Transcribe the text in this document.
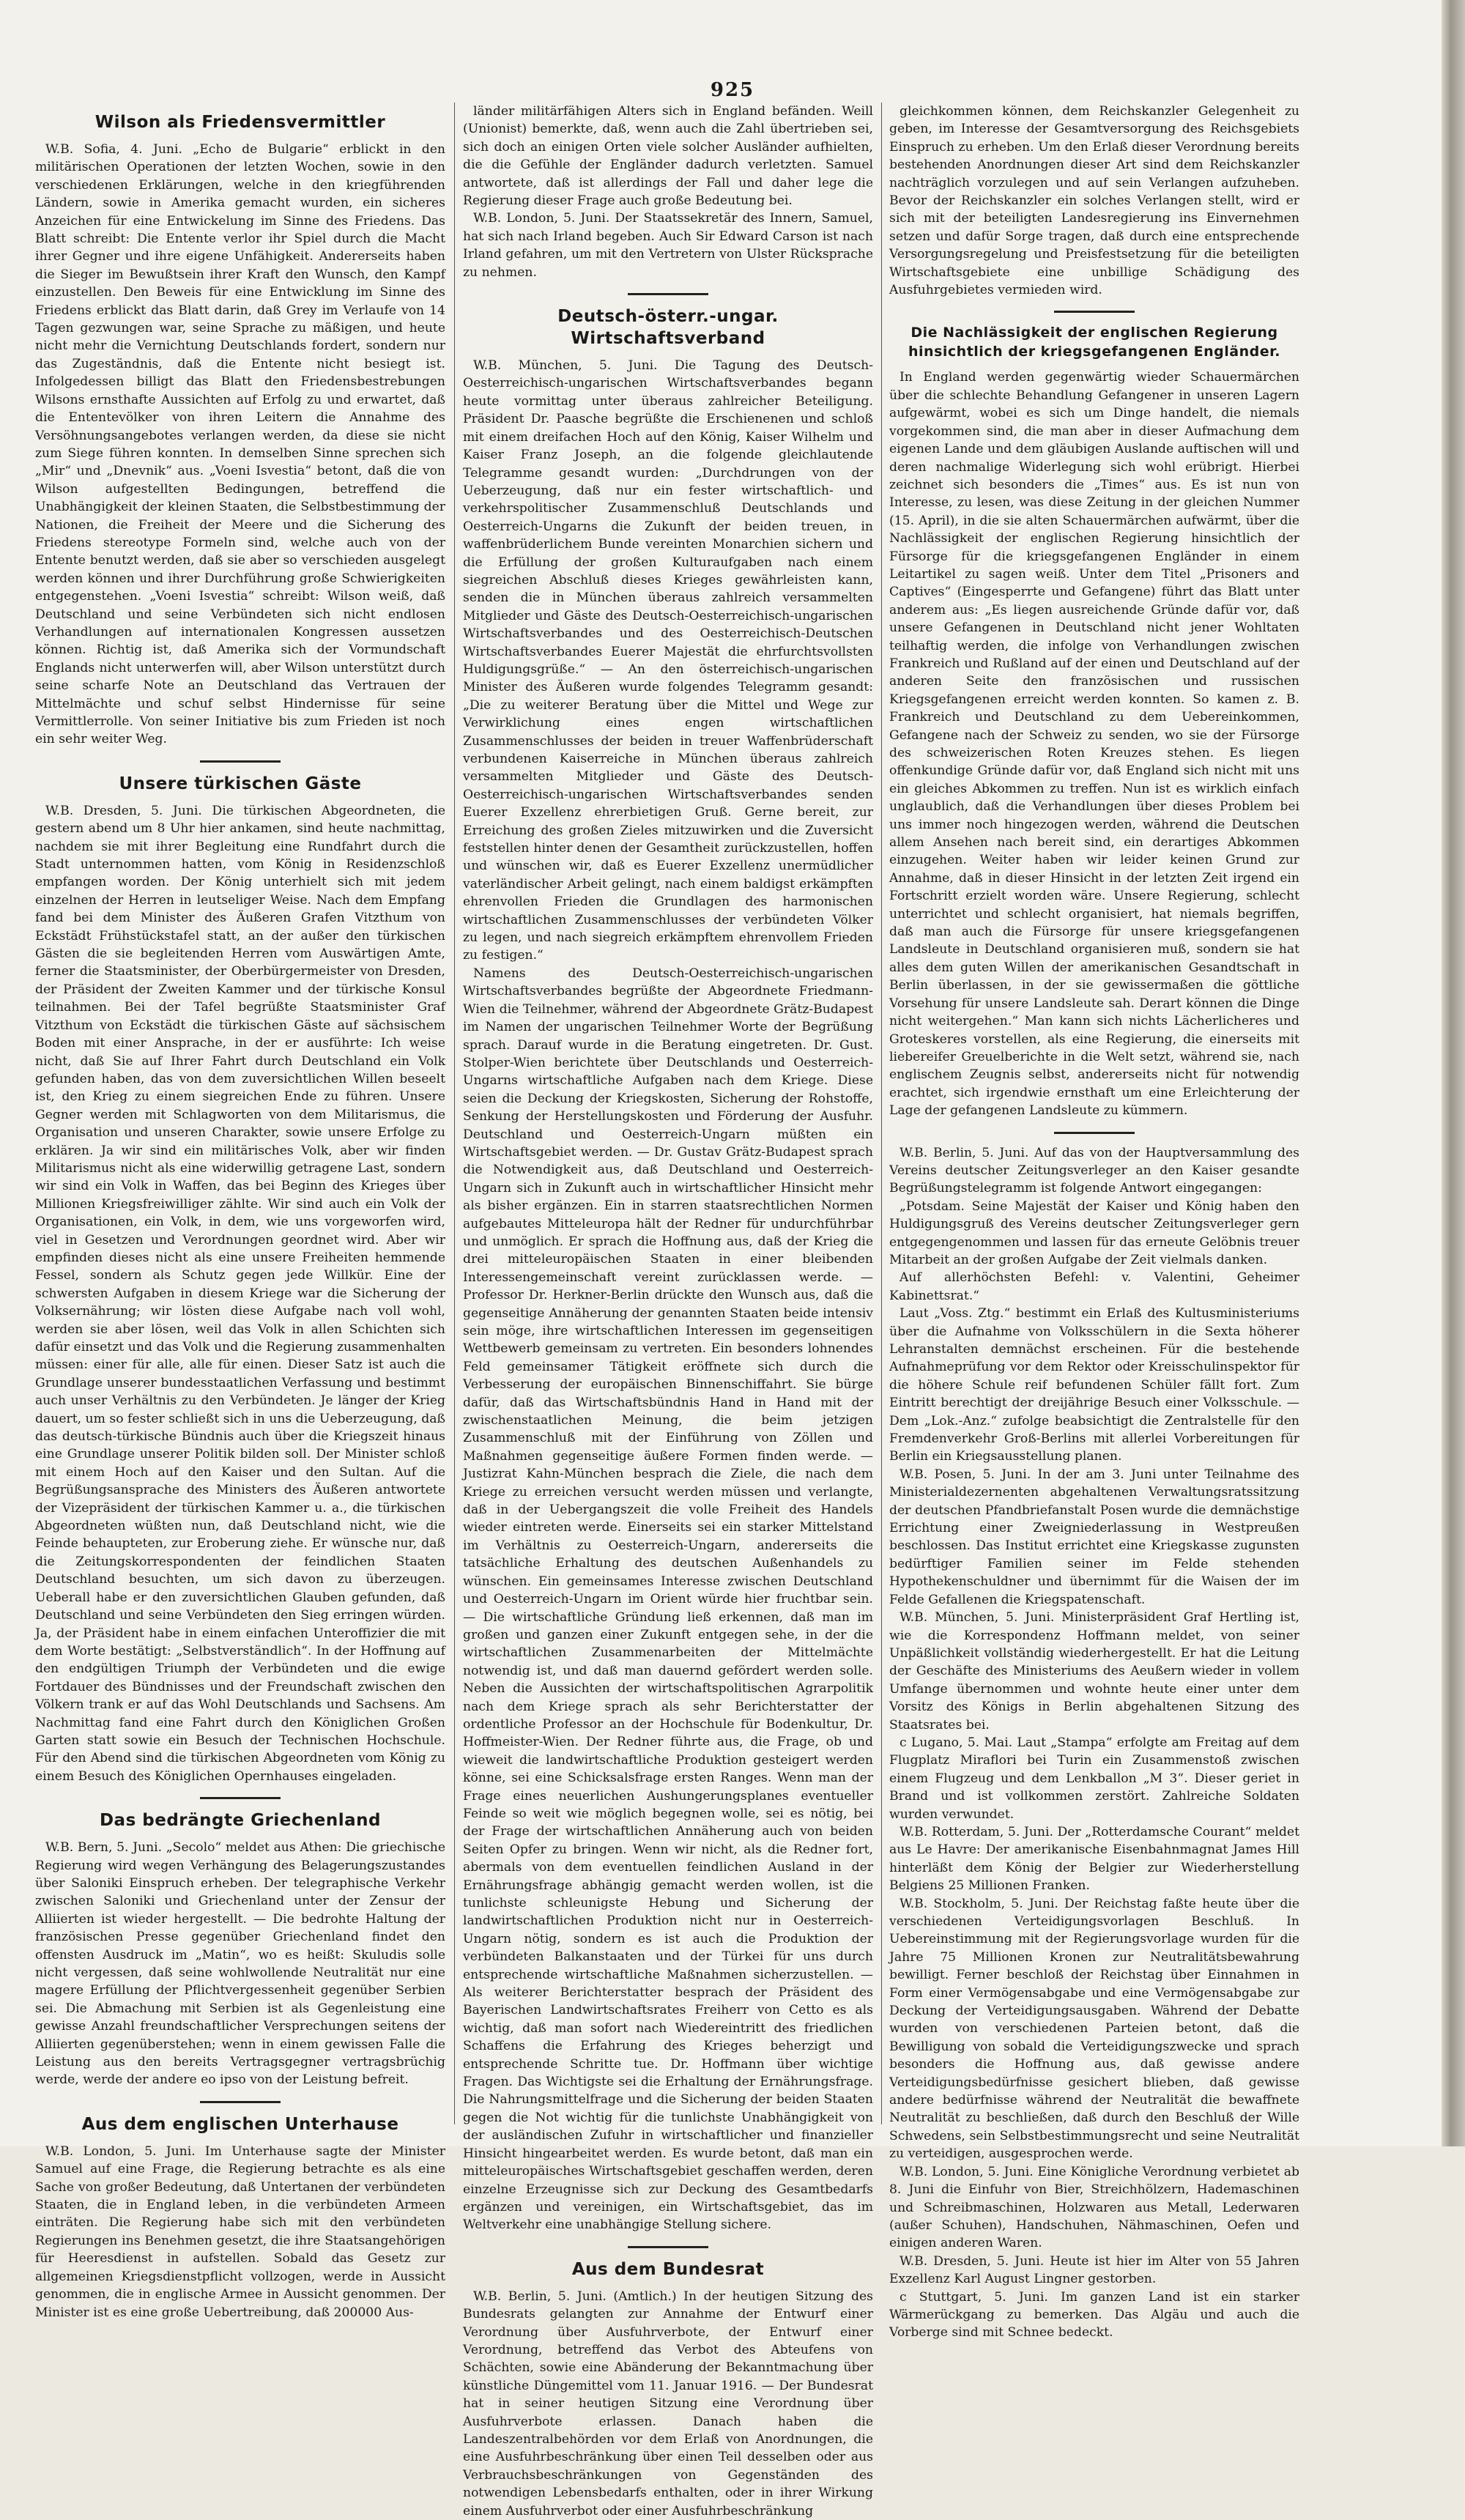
925
Wilson als Friedensvermittler

W.B. Sofia, 4. Juni. „Echo de Bulgarie“ erblickt in den militärischen Operationen der letzten Wochen, sowie in den verschiedenen Erklärungen, welche in den kriegführenden Ländern, sowie in Amerika gemacht wurden, ein sicheres Anzeichen für eine Entwickelung im Sinne des Friedens. Das Blatt schreibt: Die Entente verlor ihr Spiel durch die Macht ihrer Gegner und ihre eigene Unfähigkeit. Andererseits haben die Sieger im Bewußtsein ihrer Kraft den Wunsch, den Kampf einzustellen. Den Beweis für eine Entwicklung im Sinne des Friedens erblickt das Blatt darin, daß Grey im Verlaufe von 14 Tagen gezwungen war, seine Sprache zu mäßigen, und heute nicht mehr die Vernichtung Deutschlands fordert, sondern nur das Zugeständnis, daß die Entente nicht besiegt ist. Infolgedessen billigt das Blatt den Friedensbestrebungen Wilsons ernsthafte Aussichten auf Erfolg zu und erwartet, daß die Ententevölker von ihren Leitern die Annahme des Versöhnungsangebotes verlangen werden, da diese sie nicht zum Siege führen konnten. In demselben Sinne sprechen sich „Mir“ und „Dnevnik“ aus. „Voeni Isvestia“ betont, daß die von Wilson aufgestellten Bedingungen, betreffend die Unabhängigkeit der kleinen Staaten, die Selbstbestimmung der Nationen, die Freiheit der Meere und die Sicherung des Friedens stereotype Formeln sind, welche auch von der Entente benutzt werden, daß sie aber so verschieden ausgelegt werden können und ihrer Durchführung große Schwierigkeiten entgegenstehen. „Voeni Isvestia“ schreibt: Wilson weiß, daß Deutschland und seine Verbündeten sich nicht endlosen Verhandlungen auf internationalen Kongressen aussetzen können. Richtig ist, daß Amerika sich der Vormundschaft Englands nicht unterwerfen will, aber Wilson unterstützt durch seine scharfe Note an Deutschland das Vertrauen der Mittelmächte und schuf selbst Hindernisse für seine Vermittlerrolle. Von seiner Initiative bis zum Frieden ist noch ein sehr weiter Weg.

Unsere türkischen Gäste

W.B. Dresden, 5. Juni. Die türkischen Abgeordneten, die gestern abend um 8 Uhr hier ankamen, sind heute nachmittag, nachdem sie mit ihrer Begleitung eine Rundfahrt durch die Stadt unternommen hatten, vom König in Residenzschloß empfangen worden. Der König unterhielt sich mit jedem einzelnen der Herren in leutseliger Weise. Nach dem Empfang fand bei dem Minister des Äußeren Grafen Vitzthum von Eckstädt Frühstückstafel statt, an der außer den türkischen Gästen die sie begleitenden Herren vom Auswärtigen Amte, ferner die Staatsminister, der Oberbürgermeister von Dresden, der Präsident der Zweiten Kammer und der türkische Konsul teilnahmen. Bei der Tafel begrüßte Staatsminister Graf Vitzthum von Eckstädt die türkischen Gäste auf sächsischem Boden mit einer Ansprache, in der er ausführte: Ich weise nicht, daß Sie auf Ihrer Fahrt durch Deutschland ein Volk gefunden haben, das von dem zuversichtlichen Willen beseelt ist, den Krieg zu einem siegreichen Ende zu führen. Unsere Gegner werden mit Schlagworten von dem Militarismus, die Organisation und unseren Charakter, sowie unsere Erfolge zu erklären. Ja wir sind ein militärisches Volk, aber wir finden Militarismus nicht als eine widerwillig getragene Last, sondern wir sind ein Volk in Waffen, das bei Beginn des Krieges über Millionen Kriegsfreiwilliger zählte. Wir sind auch ein Volk der Organisationen, ein Volk, in dem, wie uns vorgeworfen wird, viel in Gesetzen und Verordnungen geordnet wird. Aber wir empfinden dieses nicht als eine unsere Freiheiten hemmende Fessel, sondern als Schutz gegen jede Willkür. Eine der schwersten Aufgaben in diesem Kriege war die Sicherung der Volksernährung; wir lösten diese Aufgabe nach voll wohl, werden sie aber lösen, weil das Volk in allen Schichten sich dafür einsetzt und das Volk und die Regierung zusammenhalten müssen: einer für alle, alle für einen. Dieser Satz ist auch die Grundlage unserer bundesstaatlichen Verfassung und bestimmt auch unser Verhältnis zu den Verbündeten. Je länger der Krieg dauert, um so fester schließt sich in uns die Ueberzeugung, daß das deutsch-türkische Bündnis auch über die Kriegszeit hinaus eine Grundlage unserer Politik bilden soll. Der Minister schloß mit einem Hoch auf den Kaiser und den Sultan. Auf die Begrüßungsansprache des Ministers des Äußeren antwortete der Vizepräsident der türkischen Kammer u. a., die türkischen Abgeordneten wüßten nun, daß Deutschland nicht, wie die Feinde behaupteten, zur Eroberung ziehe. Er wünsche nur, daß die Zeitungskorrespondenten der feindlichen Staaten Deutschland besuchten, um sich davon zu überzeugen. Ueberall habe er den zuversichtlichen Glauben gefunden, daß Deutschland und seine Verbündeten den Sieg erringen würden. Ja, der Präsident habe in einem einfachen Unteroffizier die mit dem Worte bestätigt: „Selbstverständlich“. In der Hoffnung auf den endgültigen Triumph der Verbündeten und die ewige Fortdauer des Bündnisses und der Freundschaft zwischen den Völkern trank er auf das Wohl Deutschlands und Sachsens. Am Nachmittag fand eine Fahrt durch den Königlichen Großen Garten statt sowie ein Besuch der Technischen Hochschule. Für den Abend sind die türkischen Abgeordneten vom König zu einem Besuch des Königlichen Opernhauses eingeladen.

Das bedrängte Griechenland

W.B. Bern, 5. Juni. „Secolo“ meldet aus Athen: Die griechische Regierung wird wegen Verhängung des Belagerungszustandes über Saloniki Einspruch erheben. Der telegraphische Verkehr zwischen Saloniki und Griechenland unter der Zensur der Alliierten ist wieder hergestellt. — Die bedrohte Haltung der französischen Presse gegenüber Griechenland findet den offensten Ausdruck im „Matin“, wo es heißt: Skuludis solle nicht vergessen, daß seine wohlwollende Neutralität nur eine magere Erfüllung der Pflichtvergessenheit gegenüber Serbien sei. Die Abmachung mit Serbien ist als Gegenleistung eine gewisse Anzahl freundschaftlicher Versprechungen seitens der Alliierten gegenüberstehen; wenn in einem gewissen Falle die Leistung aus den bereits Vertragsgegner vertragsbrüchig werde, werde der andere eo ipso von der Leistung befreit.

Aus dem englischen Unterhause

W.B. London, 5. Juni. Im Unterhause sagte der Minister Samuel auf eine Frage, die Regierung betrachte es als eine Sache von großer Bedeutung, daß Untertanen der verbündeten Staaten, die in England leben, in die verbündeten Armeen einträten. Die Regierung habe sich mit den verbündeten Regierungen ins Benehmen gesetzt, die ihre Staatsangehörigen für Heeresdienst in aufstellen. Sobald das Gesetz zur allgemeinen Kriegsdienstpflicht vollzogen, werde in Aussicht genommen, die in englische Armee in Aussicht genommen. Der Minister ist es eine große Uebertreibung, daß 200000 Aus-

länder militärfähigen Alters sich in England befänden. Weill (Unionist) bemerkte, daß, wenn auch die Zahl übertrieben sei, sich doch an einigen Orten viele solcher Ausländer aufhielten, die die Gefühle der Engländer dadurch verletzten. Samuel antwortete, daß ist allerdings der Fall und daher lege die Regierung dieser Frage auch große Bedeutung bei.

W.B. London, 5. Juni. Der Staatssekretär des Innern, Samuel, hat sich nach Irland begeben. Auch Sir Edward Carson ist nach Irland gefahren, um mit den Vertretern von Ulster Rücksprache zu nehmen.

Deutsch-österr.-ungar. Wirtschaftsverband

W.B. München, 5. Juni. Die Tagung des Deutsch-Oesterreichisch-ungarischen Wirtschaftsverbandes begann heute vormittag unter überaus zahlreicher Beteiligung. Präsident Dr. Paasche begrüßte die Erschienenen und schloß mit einem dreifachen Hoch auf den König, Kaiser Wilhelm und Kaiser Franz Joseph, an die folgende gleichlautende Telegramme gesandt wurden: „Durchdrungen von der Ueberzeugung, daß nur ein fester wirtschaftlich- und verkehrspolitischer Zusammenschluß Deutschlands und Oesterreich-Ungarns die Zukunft der beiden treuen, in waffenbrüderlichem Bunde vereinten Monarchien sichern und die Erfüllung der großen Kulturaufgaben nach einem siegreichen Abschluß dieses Krieges gewährleisten kann, senden die in München überaus zahlreich versammelten Mitglieder und Gäste des Deutsch-Oesterreichisch-ungarischen Wirtschaftsverbandes und des Oesterreichisch-Deutschen Wirtschaftsverbandes Euerer Majestät die ehrfurchtsvollsten Huldigungsgrüße.“ — An den österreichisch-ungarischen Minister des Äußeren wurde folgendes Telegramm gesandt: „Die zu weiterer Beratung über die Mittel und Wege zur Verwirklichung eines engen wirtschaftlichen Zusammenschlusses der beiden in treuer Waffenbrüderschaft verbundenen Kaiserreiche in München überaus zahlreich versammelten Mitglieder und Gäste des Deutsch-Oesterreichisch-ungarischen Wirtschaftsverbandes senden Euerer Exzellenz ehrerbietigen Gruß. Gerne bereit, zur Erreichung des großen Zieles mitzuwirken und die Zuversicht feststellen hinter denen der Gesamtheit zurückzustellen, hoffen und wünschen wir, daß es Euerer Exzellenz unermüdlicher vaterländischer Arbeit gelingt, nach einem baldigst erkämpften ehrenvollen Frieden die Grundlagen des harmonischen wirtschaftlichen Zusammenschlusses der verbündeten Völker zu legen, und nach siegreich erkämpftem ehrenvollem Frieden zu festigen.“

Namens des Deutsch-Oesterreichisch-ungarischen Wirtschaftsverbandes begrüßte der Abgeordnete Friedmann-Wien die Teilnehmer, während der Abgeordnete Grätz-Budapest im Namen der ungarischen Teilnehmer Worte der Begrüßung sprach. Darauf wurde in die Beratung eingetreten. Dr. Gust. Stolper-Wien berichtete über Deutschlands und Oesterreich-Ungarns wirtschaftliche Aufgaben nach dem Kriege. Diese seien die Deckung der Kriegskosten, Sicherung der Rohstoffe, Senkung der Herstellungskosten und Förderung der Ausfuhr. Deutschland und Oesterreich-Ungarn müßten ein Wirtschaftsgebiet werden. — Dr. Gustav Grätz-Budapest sprach die Notwendigkeit aus, daß Deutschland und Oesterreich-Ungarn sich in Zukunft auch in wirtschaftlicher Hinsicht mehr als bisher ergänzen. Ein in starren staatsrechtlichen Normen aufgebautes Mitteleuropa hält der Redner für undurchführbar und unmöglich. Er sprach die Hoffnung aus, daß der Krieg die drei mitteleuropäischen Staaten in einer bleibenden Interessengemeinschaft vereint zurücklassen werde. — Professor Dr. Herkner-Berlin drückte den Wunsch aus, daß die gegenseitige Annäherung der genannten Staaten beide intensiv sein möge, ihre wirtschaftlichen Interessen im gegenseitigen Wettbewerb gemeinsam zu vertreten. Ein besonders lohnendes Feld gemeinsamer Tätigkeit eröffnete sich durch die Verbesserung der europäischen Binnenschiffahrt. Sie bürge dafür, daß das Wirtschaftsbündnis Hand in Hand mit der zwischenstaatlichen Meinung, die beim jetzigen Zusammenschluß mit der Einführung von Zöllen und Maßnahmen gegenseitige äußere Formen finden werde. — Justizrat Kahn-München besprach die Ziele, die nach dem Kriege zu erreichen versucht werden müssen und verlangte, daß in der Uebergangszeit die volle Freiheit des Handels wieder eintreten werde. Einerseits sei ein starker Mittelstand im Verhältnis zu Oesterreich-Ungarn, andererseits die tatsächliche Erhaltung des deutschen Außenhandels zu wünschen. Ein gemeinsames Interesse zwischen Deutschland und Oesterreich-Ungarn im Orient würde hier fruchtbar sein. — Die wirtschaftliche Gründung ließ erkennen, daß man im großen und ganzen einer Zukunft entgegen sehe, in der die wirtschaftlichen Zusammenarbeiten der Mittelmächte notwendig ist, und daß man dauernd gefördert werden solle. Neben die Aussichten der wirtschaftspolitischen Agrarpolitik nach dem Kriege sprach als sehr Berichterstatter der ordentliche Professor an der Hochschule für Bodenkultur, Dr. Hoffmeister-Wien. Der Redner führte aus, die Frage, ob und wieweit die landwirtschaftliche Produktion gesteigert werden könne, sei eine Schicksalsfrage ersten Ranges. Wenn man der Frage eines neuerlichen Aushungerungsplanes eventueller Feinde so weit wie möglich begegnen wolle, sei es nötig, bei der Frage der wirtschaftlichen Annäherung auch von beiden Seiten Opfer zu bringen. Wenn wir nicht, als die Redner fort, abermals von dem eventuellen feindlichen Ausland in der Ernährungsfrage abhängig gemacht werden wollen, ist die tunlichste schleunigste Hebung und Sicherung der landwirtschaftlichen Produktion nicht nur in Oesterreich-Ungarn nötig, sondern es ist auch die Produktion der verbündeten Balkanstaaten und der Türkei für uns durch entsprechende wirtschaftliche Maßnahmen sicherzustellen. — Als weiterer Berichterstatter besprach der Präsident des Bayerischen Landwirtschaftsrates Freiherr von Cetto es als wichtig, daß man sofort nach Wiedereintritt des friedlichen Schaffens die Erfahrung des Krieges beherzigt und entsprechende Schritte tue. Dr. Hoffmann über wichtige Fragen. Das Wichtigste sei die Erhaltung der Ernährungsfrage. Die Nahrungsmittelfrage und die Sicherung der beiden Staaten gegen die Not wichtig für die tunlichste Unabhängigkeit von der ausländischen Zufuhr in wirtschaftlicher und finanzieller Hinsicht hingearbeitet werden. Es wurde betont, daß man ein mitteleuropäisches Wirtschaftsgebiet geschaffen werden, deren einzelne Erzeugnisse sich zur Deckung des Gesamtbedarfs ergänzen und vereinigen, ein Wirtschaftsgebiet, das im Weltverkehr eine unabhängige Stellung sichere.

Aus dem Bundesrat

W.B. Berlin, 5. Juni. (Amtlich.) In der heutigen Sitzung des Bundesrats gelangten zur Annahme der Entwurf einer Verordnung über Ausfuhrverbote, der Entwurf einer Verordnung, betreffend das Verbot des Abteufens von Schächten, sowie eine Abänderung der Bekanntmachung über künstliche Düngemittel vom 11. Januar 1916. — Der Bundesrat hat in seiner heutigen Sitzung eine Verordnung über Ausfuhrverbote erlassen. Danach haben die Landeszentralbehörden vor dem Erlaß von Anordnungen, die eine Ausfuhrbeschränkung über einen Teil desselben oder aus Verbrauchsbeschränkungen von Gegenständen des notwendigen Lebensbedarfs enthalten, oder in ihrer Wirkung einem Ausfuhrverbot oder einer Ausfuhrbeschränkung

gleichkommen können, dem Reichskanzler Gelegenheit zu geben, im Interesse der Gesamtversorgung des Reichsgebiets Einspruch zu erheben. Um den Erlaß dieser Verordnung bereits bestehenden Anordnungen dieser Art sind dem Reichskanzler nachträglich vorzulegen und auf sein Verlangen aufzuheben. Bevor der Reichskanzler ein solches Verlangen stellt, wird er sich mit der beteiligten Landesregierung ins Einvernehmen setzen und dafür Sorge tragen, daß durch eine entsprechende Versorgungsregelung und Preisfestsetzung für die beteiligten Wirtschaftsgebiete eine unbillige Schädigung des Ausfuhrgebietes vermieden wird.

Die Nachlässigkeit der englischen Regierung hinsichtlich der kriegsgefangenen Engländer.

In England werden gegenwärtig wieder Schauermärchen über die schlechte Behandlung Gefangener in unseren Lagern aufgewärmt, wobei es sich um Dinge handelt, die niemals vorgekommen sind, die man aber in dieser Aufmachung dem eigenen Lande und dem gläubigen Auslande auftischen will und deren nachmalige Widerlegung sich wohl erübrigt. Hierbei zeichnet sich besonders die „Times“ aus. Es ist nun von Interesse, zu lesen, was diese Zeitung in der gleichen Nummer (15. April), in die sie alten Schauermärchen aufwärmt, über die Nachlässigkeit der englischen Regierung hinsichtlich der Fürsorge für die kriegsgefangenen Engländer in einem Leitartikel zu sagen weiß. Unter dem Titel „Prisoners and Captives“ (Eingesperrte und Gefangene) führt das Blatt unter anderem aus: „Es liegen ausreichende Gründe dafür vor, daß unsere Gefangenen in Deutschland nicht jener Wohltaten teilhaftig werden, die infolge von Verhandlungen zwischen Frankreich und Rußland auf der einen und Deutschland auf der anderen Seite den französischen und russischen Kriegsgefangenen erreicht werden konnten. So kamen z. B. Frankreich und Deutschland zu dem Uebereinkommen, Gefangene nach der Schweiz zu senden, wo sie der Fürsorge des schweizerischen Roten Kreuzes stehen. Es liegen offenkundige Gründe dafür vor, daß England sich nicht mit uns ein gleiches Abkommen zu treffen. Nun ist es wirklich einfach unglaublich, daß die Verhandlungen über dieses Problem bei uns immer noch hingezogen werden, während die Deutschen allem Ansehen nach bereit sind, ein derartiges Abkommen einzugehen. Weiter haben wir leider keinen Grund zur Annahme, daß in dieser Hinsicht in der letzten Zeit irgend ein Fortschritt erzielt worden wäre. Unsere Regierung, schlecht unterrichtet und schlecht organisiert, hat niemals begriffen, daß man auch die Fürsorge für unsere kriegsgefangenen Landsleute in Deutschland organisieren muß, sondern sie hat alles dem guten Willen der amerikanischen Gesandtschaft in Berlin überlassen, in der sie gewissermaßen die göttliche Vorsehung für unsere Landsleute sah. Derart können die Dinge nicht weitergehen.“ Man kann sich nichts Lächerlicheres und Groteskeres vorstellen, als eine Regierung, die einerseits mit liebereifer Greuelberichte in die Welt setzt, während sie, nach englischem Zeugnis selbst, andererseits nicht für notwendig erachtet, sich irgendwie ernsthaft um eine Erleichterung der Lage der gefangenen Landsleute zu kümmern.

W.B. Berlin, 5. Juni. Auf das von der Hauptversammlung des Vereins deutscher Zeitungsverleger an den Kaiser gesandte Begrüßungstelegramm ist folgende Antwort eingegangen:

„Potsdam. Seine Majestät der Kaiser und König haben den Huldigungsgruß des Vereins deutscher Zeitungsverleger gern entgegengenommen und lassen für das erneute Gelöbnis treuer Mitarbeit an der großen Aufgabe der Zeit vielmals danken.

Auf allerhöchsten Befehl: v. Valentini, Geheimer Kabinettsrat.“

Laut „Voss. Ztg.“ bestimmt ein Erlaß des Kultusministeriums über die Aufnahme von Volksschülern in die Sexta höherer Lehranstalten demnächst erscheinen. Für die bestehende Aufnahmeprüfung vor dem Rektor oder Kreisschulinspektor für die höhere Schule reif befundenen Schüler fällt fort. Zum Eintritt berechtigt der dreijährige Besuch einer Volksschule. — Dem „Lok.-Anz.“ zufolge beabsichtigt die Zentralstelle für den Fremdenverkehr Groß-Berlins mit allerlei Vorbereitungen für Berlin ein Kriegsausstellung planen.

W.B. Posen, 5. Juni. In der am 3. Juni unter Teilnahme des Ministerialdezernenten abgehaltenen Verwaltungsratssitzung der deutschen Pfandbriefanstalt Posen wurde die demnächstige Errichtung einer Zweigniederlassung in Westpreußen beschlossen. Das Institut errichtet eine Kriegskasse zugunsten bedürftiger Familien seiner im Felde stehenden Hypothekenschuldner und übernimmt für die Waisen der im Felde Gefallenen die Kriegspatenschaft.

W.B. München, 5. Juni. Ministerpräsident Graf Hertling ist, wie die Korrespondenz Hoffmann meldet, von seiner Unpäßlichkeit vollständig wiederhergestellt. Er hat die Leitung der Geschäfte des Ministeriums des Aeußern wieder in vollem Umfange übernommen und wohnte heute einer unter dem Vorsitz des Königs in Berlin abgehaltenen Sitzung des Staatsrates bei.

c Lugano, 5. Mai. Laut „Stampa“ erfolgte am Freitag auf dem Flugplatz Miraflori bei Turin ein Zusammenstoß zwischen einem Flugzeug und dem Lenkballon „M 3“. Dieser geriet in Brand und ist vollkommen zerstört. Zahlreiche Soldaten wurden verwundet.

W.B. Rotterdam, 5. Juni. Der „Rotterdamsche Courant“ meldet aus Le Havre: Der amerikanische Eisenbahnmagnat James Hill hinterläßt dem König der Belgier zur Wiederherstellung Belgiens 25 Millionen Franken.

W.B. Stockholm, 5. Juni. Der Reichstag faßte heute über die verschiedenen Verteidigungsvorlagen Beschluß. In Uebereinstimmung mit der Regierungsvorlage wurden für die Jahre 75 Millionen Kronen zur Neutralitätsbewahrung bewilligt. Ferner beschloß der Reichstag über Einnahmen in Form einer Vermögensabgabe und eine Vermögensabgabe zur Deckung der Verteidigungsausgaben. Während der Debatte wurden von verschiedenen Parteien betont, daß die Bewilligung von sobald die Verteidigungszwecke und sprach besonders die Hoffnung aus, daß gewisse andere Verteidigungsbedürfnisse gesichert blieben, daß gewisse andere bedürfnisse während der Neutralität die bewaffnete Neutralität zu beschließen, daß durch den Beschluß der Wille Schwedens, sein Selbstbestimmungsrecht und seine Neutralität zu verteidigen, ausgesprochen werde.

W.B. London, 5. Juni. Eine Königliche Verordnung verbietet ab 8. Juni die Einfuhr von Bier, Streichhölzern, Hademaschinen und Schreibmaschinen, Holzwaren aus Metall, Lederwaren (außer Schuhen), Handschuhen, Nähmaschinen, Oefen und einigen anderen Waren.

W.B. Dresden, 5. Juni. Heute ist hier im Alter von 55 Jahren Exzellenz Karl August Lingner gestorben.

c Stuttgart, 5. Juni. Im ganzen Land ist ein starker Wärmerückgang zu bemerken. Das Algäu und auch die Vorberge sind mit Schnee bedeckt.
